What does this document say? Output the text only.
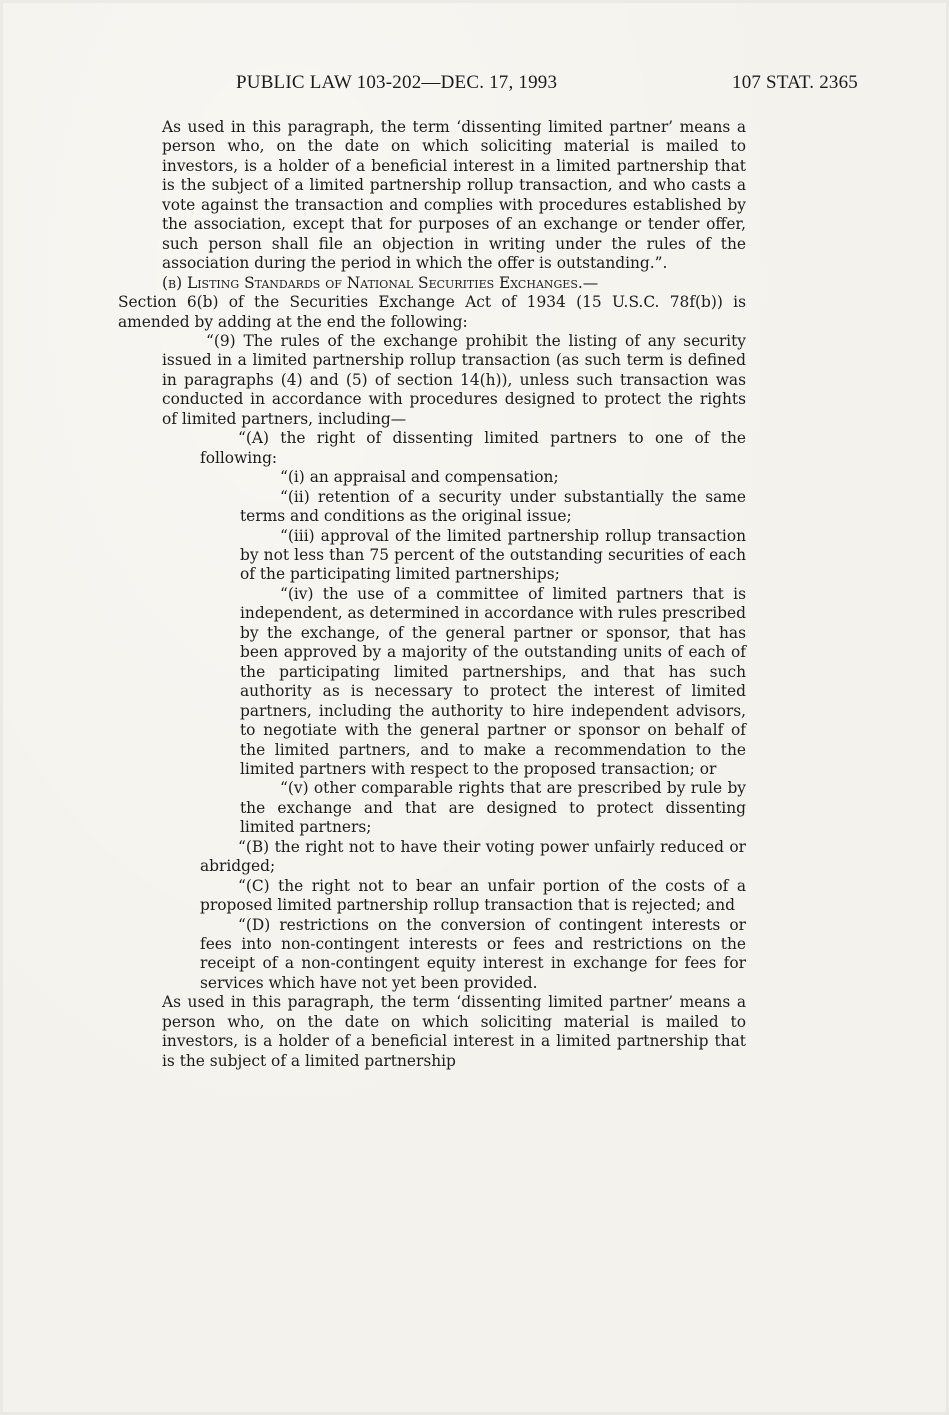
PUBLIC LAW 103-202—DEC. 17, 1993	107 STAT. 2365

As used in this paragraph, the term ‘dissenting limited partner’ means a person who, on the date on which soliciting material is mailed to investors, is a holder of a beneficial interest in a limited partnership that is the subject of a limited partnership rollup transaction, and who casts a vote against the transaction and complies with procedures established by the association, except that for purposes of an exchange or tender offer, such person shall file an objection in writing under the rules of the association during the period in which the offer is outstanding.”.

(b) Listing Standards of National Securities Exchanges.—

Section 6(b) of the Securities Exchange Act of 1934 (15 U.S.C. 78f(b)) is amended by adding at the end the following:

“(9) The rules of the exchange prohibit the listing of any security issued in a limited partnership rollup transaction (as such term is defined in paragraphs (4) and (5) of section 14(h)), unless such transaction was conducted in accordance with procedures designed to protect the rights of limited partners, including—

“(A) the right of dissenting limited partners to one of the following:

“(i) an appraisal and compensation;

“(ii) retention of a security under substantially the same terms and conditions as the original issue;

“(iii) approval of the limited partnership rollup transaction by not less than 75 percent of the outstanding securities of each of the participating limited partnerships;

“(iv) the use of a committee of limited partners that is independent, as determined in accordance with rules prescribed by the exchange, of the general partner or sponsor, that has been approved by a majority of the outstanding units of each of the participating limited partnerships, and that has such authority as is necessary to protect the interest of limited partners, including the authority to hire independent advisors, to negotiate with the general partner or sponsor on behalf of the limited partners, and to make a recommendation to the limited partners with respect to the proposed transaction; or

“(v) other comparable rights that are prescribed by rule by the exchange and that are designed to protect dissenting limited partners;

“(B) the right not to have their voting power unfairly reduced or abridged;

“(C) the right not to bear an unfair portion of the costs of a proposed limited partnership rollup transaction that is rejected; and

“(D) restrictions on the conversion of contingent interests or fees into non-contingent interests or fees and restrictions on the receipt of a non-contingent equity interest in exchange for fees for services which have not yet been provided.

As used in this paragraph, the term ‘dissenting limited partner’ means a person who, on the date on which soliciting material is mailed to investors, is a holder of a beneficial interest in a limited partnership that is the subject of a limited partnership
